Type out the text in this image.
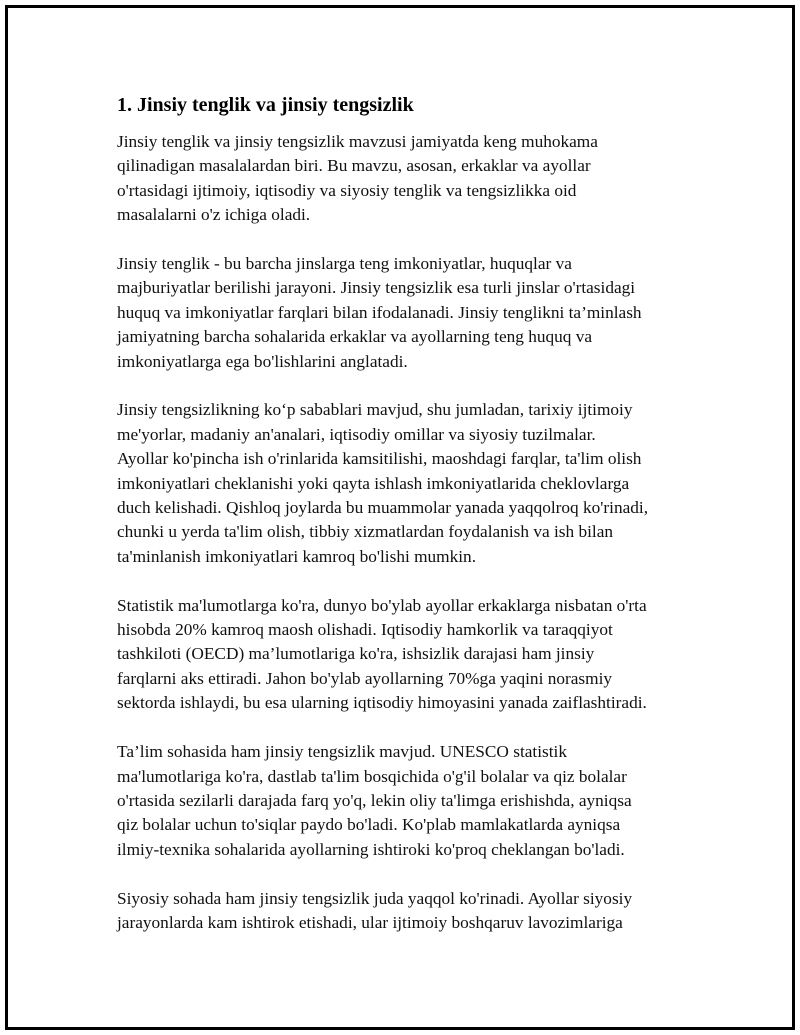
1. Jinsiy tenglik va jinsiy tengsizlik

Jinsiy tenglik va jinsiy tengsizlik mavzusi jamiyatda keng muhokama
qilinadigan masalalardan biri. Bu mavzu, asosan, erkaklar va ayollar
o'rtasidagi ijtimoiy, iqtisodiy va siyosiy tenglik va tengsizlikka oid
masalalarni o'z ichiga oladi.

Jinsiy tenglik - bu barcha jinslarga teng imkoniyatlar, huquqlar va
majburiyatlar berilishi jarayoni. Jinsiy tengsizlik esa turli jinslar o'rtasidagi
huquq va imkoniyatlar farqlari bilan ifodalanadi. Jinsiy tenglikni ta’minlash
jamiyatning barcha sohalarida erkaklar va ayollarning teng huquq va
imkoniyatlarga ega bo'lishlarini anglatadi.

Jinsiy tengsizlikning ko‘p sabablari mavjud, shu jumladan, tarixiy ijtimoiy
me'yorlar, madaniy an'analari, iqtisodiy omillar va siyosiy tuzilmalar.
Ayollar ko'pincha ish o'rinlarida kamsitilishi, maoshdagi farqlar, ta'lim olish
imkoniyatlari cheklanishi yoki qayta ishlash imkoniyatlarida cheklovlarga
duch kelishadi. Qishloq joylarda bu muammolar yanada yaqqolroq ko'rinadi,
chunki u yerda ta'lim olish, tibbiy xizmatlardan foydalanish va ish bilan
ta'minlanish imkoniyatlari kamroq bo'lishi mumkin.

Statistik ma'lumotlarga ko'ra, dunyo bo'ylab ayollar erkaklarga nisbatan o'rta
hisobda 20% kamroq maosh olishadi. Iqtisodiy hamkorlik va taraqqiyot
tashkiloti (OECD) ma’lumotlariga ko'ra, ishsizlik darajasi ham jinsiy
farqlarni aks ettiradi. Jahon bo'ylab ayollarning 70%ga yaqini norasmiy
sektorda ishlaydi, bu esa ularning iqtisodiy himoyasini yanada zaiflashtiradi.

Ta’lim sohasida ham jinsiy tengsizlik mavjud. UNESCO statistik
ma'lumotlariga ko'ra, dastlab ta'lim bosqichida o'g'il bolalar va qiz bolalar
o'rtasida sezilarli darajada farq yo'q, lekin oliy ta'limga erishishda, ayniqsa
qiz bolalar uchun to'siqlar paydo bo'ladi. Ko'plab mamlakatlarda ayniqsa
ilmiy-texnika sohalarida ayollarning ishtiroki ko'proq cheklangan bo'ladi.

Siyosiy sohada ham jinsiy tengsizlik juda yaqqol ko'rinadi. Ayollar siyosiy
jarayonlarda kam ishtirok etishadi, ular ijtimoiy boshqaruv lavozimlariga
